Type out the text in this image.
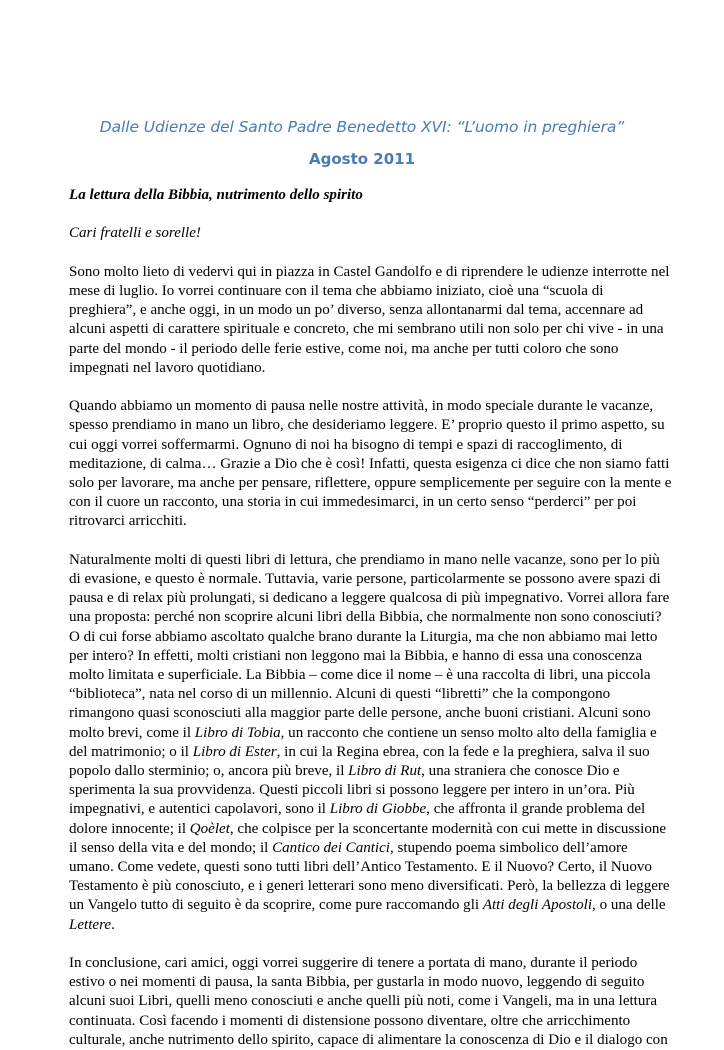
Dalle Udienze del Santo Padre Benedetto XVI: “L’uomo in preghiera”
Agosto 2011

La lettura della Bibbia, nutrimento dello spirito

Cari fratelli e sorelle!

Sono molto lieto di vedervi qui in piazza in Castel Gandolfo e di riprendere le udienze interrotte nel
mese di luglio. Io vorrei continuare con il tema che abbiamo iniziato, cioè una “scuola di
preghiera”, e anche oggi, in un modo un po’ diverso, senza allontanarmi dal tema, accennare ad
alcuni aspetti di carattere spirituale e concreto, che mi sembrano utili non solo per chi vive - in una
parte del mondo - il periodo delle ferie estive, come noi, ma anche per tutti coloro che sono
impegnati nel lavoro quotidiano.

Quando abbiamo un momento di pausa nelle nostre attività, in modo speciale durante le vacanze,
spesso prendiamo in mano un libro, che desideriamo leggere. E’ proprio questo il primo aspetto, su
cui oggi vorrei soffermarmi. Ognuno di noi ha bisogno di tempi e spazi di raccoglimento, di
meditazione, di calma… Grazie a Dio che è così! Infatti, questa esigenza ci dice che non siamo fatti
solo per lavorare, ma anche per pensare, riflettere, oppure semplicemente per seguire con la mente e
con il cuore un racconto, una storia in cui immedesimarci, in un certo senso “perderci” per poi
ritrovarci arricchiti.

Naturalmente molti di questi libri di lettura, che prendiamo in mano nelle vacanze, sono per lo più
di evasione, e questo è normale. Tuttavia, varie persone, particolarmente se possono avere spazi di
pausa e di relax più prolungati, si dedicano a leggere qualcosa di più impegnativo. Vorrei allora fare
una proposta: perché non scoprire alcuni libri della Bibbia, che normalmente non sono conosciuti?
O di cui forse abbiamo ascoltato qualche brano durante la Liturgia, ma che non abbiamo mai letto
per intero? In effetti, molti cristiani non leggono mai la Bibbia, e hanno di essa una conoscenza
molto limitata e superficiale. La Bibbia – come dice il nome – è una raccolta di libri, una piccola
“biblioteca”, nata nel corso di un millennio. Alcuni di questi “libretti” che la compongono
rimangono quasi sconosciuti alla maggior parte delle persone, anche buoni cristiani. Alcuni sono
molto brevi, come il Libro di Tobia, un racconto che contiene un senso molto alto della famiglia e
del matrimonio; o il Libro di Ester, in cui la Regina ebrea, con la fede e la preghiera, salva il suo
popolo dallo sterminio; o, ancora più breve, il Libro di Rut, una straniera che conosce Dio e
sperimenta la sua provvidenza. Questi piccoli libri si possono leggere per intero in un’ora. Più
impegnativi, e autentici capolavori, sono il Libro di Giobbe, che affronta il grande problema del
dolore innocente; il Qoèlet, che colpisce per la sconcertante modernità con cui mette in discussione
il senso della vita e del mondo; il Cantico dei Cantici, stupendo poema simbolico dell’amore
umano. Come vedete, questi sono tutti libri dell’Antico Testamento. E il Nuovo? Certo, il Nuovo
Testamento è più conosciuto, e i generi letterari sono meno diversificati. Però, la bellezza di leggere
un Vangelo tutto di seguito è da scoprire, come pure raccomando gli Atti degli Apostoli, o una delle
Lettere.

In conclusione, cari amici, oggi vorrei suggerire di tenere a portata di mano, durante il periodo
estivo o nei momenti di pausa, la santa Bibbia, per gustarla in modo nuovo, leggendo di seguito
alcuni suoi Libri, quelli meno conosciuti e anche quelli più noti, come i Vangeli, ma in una lettura
continuata. Così facendo i momenti di distensione possono diventare, oltre che arricchimento
culturale, anche nutrimento dello spirito, capace di alimentare la conoscenza di Dio e il dialogo con
